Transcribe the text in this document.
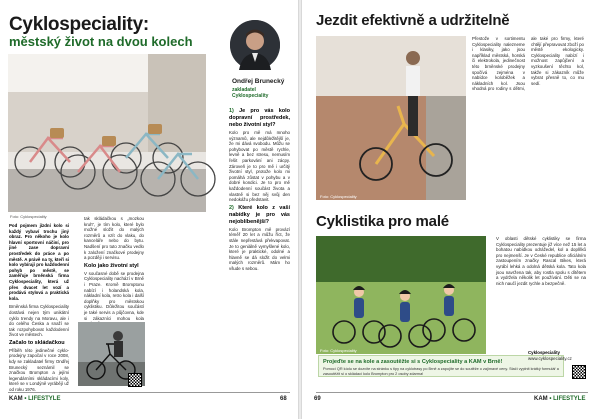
Cyklospeciality:
městský život na dvou kolech
Foto: Cyklospeciality
Pod pojmem jízdní kolo si každý vybaví trochu jiný obraz. Pro někoho je kolo hlavní sportovní náčiní, pro jiné zase dopravní prostředek do práce a po městě. A právě na ty, kteří si kolo vybírají pro každodenní pohyb po městě, se zaměřuje brněnská firma Cyklospeciality, která už přes dvacet let vozí a prodává stylová a praktická kola.

Brněnská firma Cyklospeciality dostává nejen tým unikátní cyklo trendy na Moravu, ale i do celého Česka a snaží se tak rozpohybovat každodenní život ve městech.

Začalo to skládačkou

Příběh této jedinečné cyklo-prodejny započal v roce 2008, kdy se zakladatel firmy Ondřej Brunecký seznámil se značkou Brompton a jejími legendárními skládacími koly, které se v Londýně vyrábějí už od roku 1976.

tak skládačkou s „mozkou kruh“, je tím kolo, které bylo možné složit do malých rozměrů a vzít do vlaku, do kanceláře nebo do bytu. Nadšení pro tuto značku vedlo k založení značkové prodejny a později i servisu.

Kolo jako životní styl

V současné době se prodejna Cyklospeciality nachází v Brně i Praze. Kromě Bromptonu nabízí i holandská kola, nákladní kola, retro kola i další doplňky pro městskou cyklistiku. Důležitou součástí je také servis a půjčovna, kde si zákazníci mohou kola

Ondřej Brunecký
zakladatel
Cyklospeciality
1) Je pro vás kolo dopravní prostředek, nebo životní styl?

Kolo pro mě má mnoho významů, ale nejdůležitější je, že mi dává svobodu. Můžu se pohybovat po městě rychle, levně a bez stresu, nemusím řešit parkování ani zácpy. Zároveň je to pro mě i určitý životní styl, protože kolo mi pomáhá zůstat v pohybu a v dobré kondici. Je to pro mě každodenní součást života a vlastně si bez něj svůj den nedokážu představit.

2) Které kolo z vaší nabídky je pro vás nejoblíbenější?

Kolo Brompton mě provází téměř 20 let a můžu říct, že stále nepřestává překvapovat. Je to geniálně vymyšlené kolo, které je praktické, odolné a hlavně se dá složit do velmi malých rozměrů. Mám ho všude s sebou.

KAM • LIFESTYLE	68
Jezdit efektivně a udržitelně
Foto: Cyklospeciality

Přestože v sortimentu Cyklospeciality nalezneme i klasiky, jako jsou například městská, horská či elektrokola, jedinečnost této brněnské prodejny spočívá zejména v nabídce koloběžek a nákladních kol. Jsou vhodná pro rodiny s dětmi, ale také pro firmy, které chtějí přepravovat zboží po městě ekologicky. Cyklospeciality nabízí i možnost zapůjčení a vyzkoušení těchto kol, takže si zákazník může vybrat přesně to, co mu sedí.

Cyklistika pro malé
Foto: Cyklospeciality

V oblasti dětské cyklistiky se firma Cyklospeciality prezentuje již více než 15 let a bohatou nabídkou odrážedel, kol a doplňků pro nejmenší. Je v České republice oficiálním zastoupením značky Rascal Bikes, která vyrábí lehká a odolná dětská kola. Tato kola jsou navržena tak, aby rostla spolu s dítětem a vydržela několik let používání. Děti se na nich naučí jezdit rychle a bezpečně.

Projeďte se na kole a zasoutěžte si s Cyklospeciality a KAM v Brně!
Pomocí QR kódu se dozvíte na stránku s tipy na cyklotrasy po Brně a zapojíte se do soutěže o zajímavé ceny. Stačí vyplnit krátký formulář a zasoutěžit si o skládací kolo Brompton pro 2 osoby zdarma!
Cyklospeciality
www.cyklospeciality.cz
69	KAM • LIFESTYLE
